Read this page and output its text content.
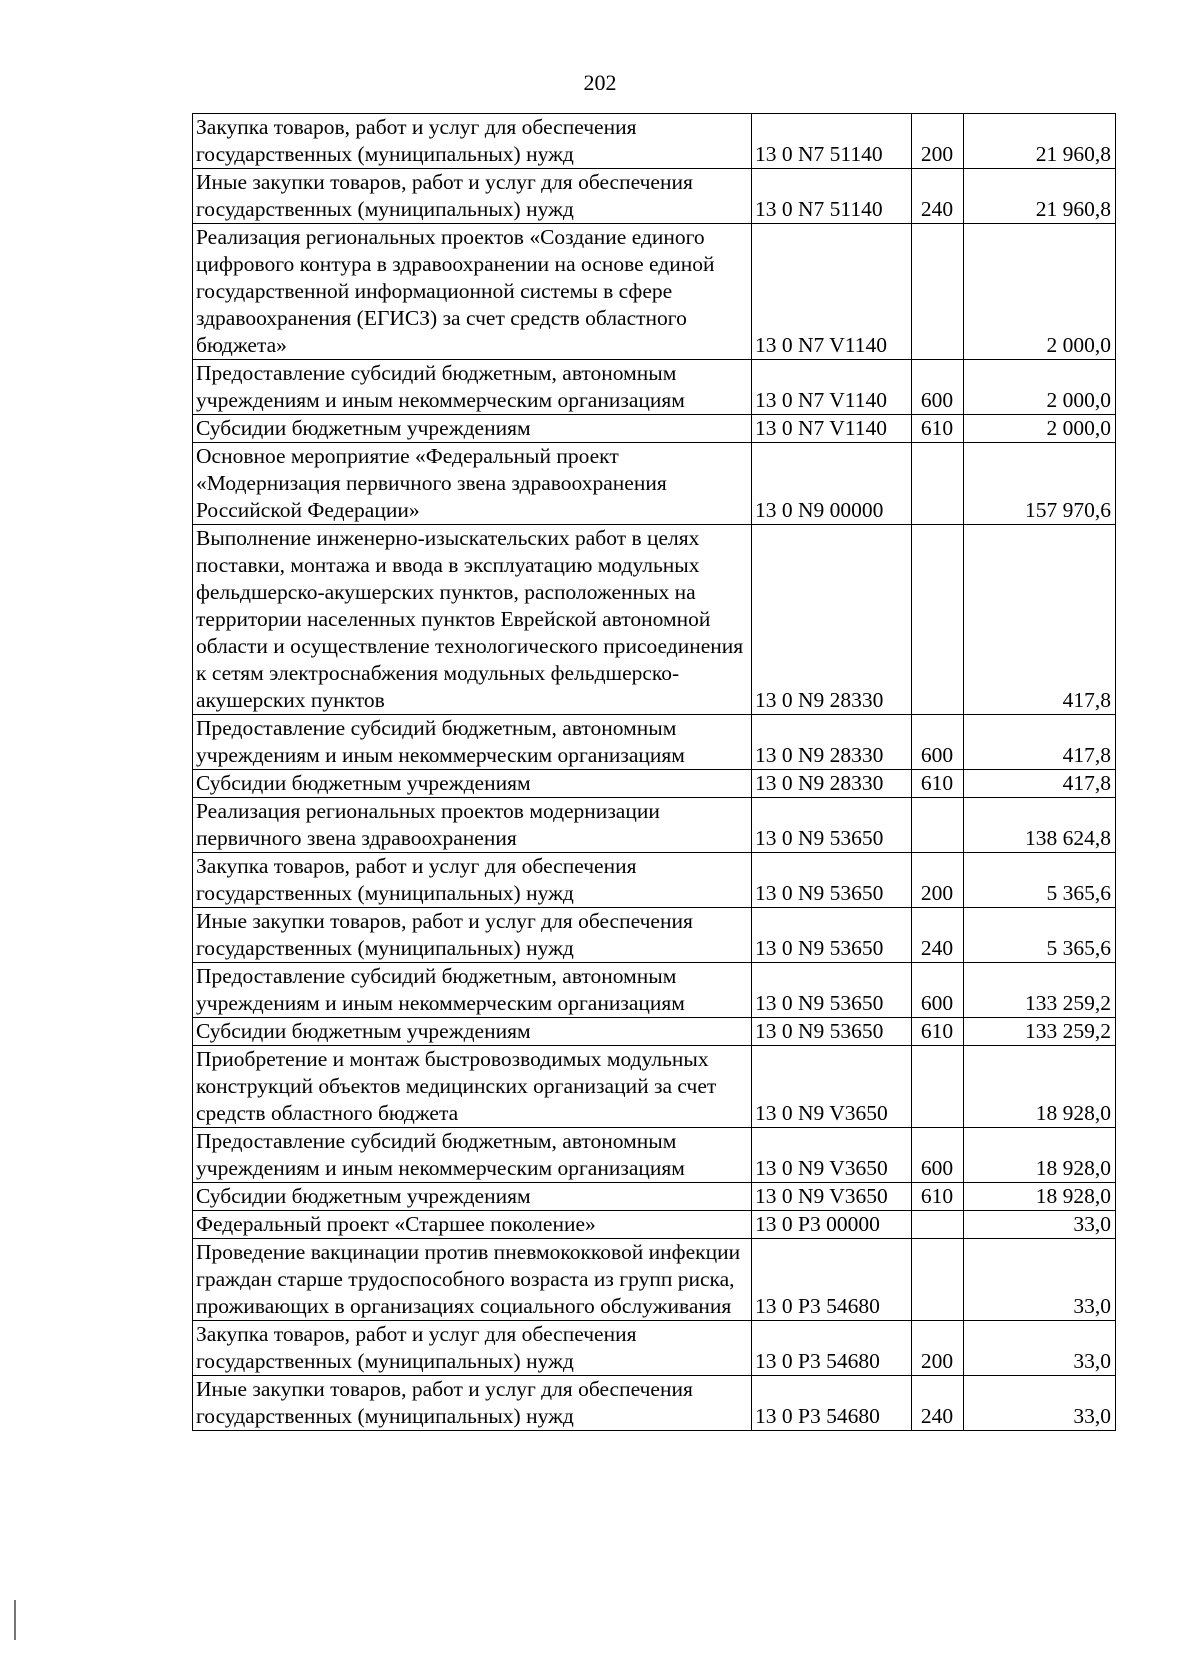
202
Закупка товаров, работ и услуг для обеспечения государственных (муниципальных) нужд	13 0 N7 51140	200	21 960,8
Иные закупки товаров, работ и услуг для обеспечения государственных (муниципальных) нужд	13 0 N7 51140	240	21 960,8
Реализация региональных проектов «Создание единого цифрового контура в здравоохранении на основе единой государственной информационной системы в сфере здравоохранения (ЕГИСЗ) за счет средств областного бюджета»	13 0 N7 V1140		2 000,0
Предоставление субсидий бюджетным, автономным учреждениям и иным некоммерческим организациям	13 0 N7 V1140	600	2 000,0
Субсидии бюджетным учреждениям	13 0 N7 V1140	610	2 000,0
Основное мероприятие «Федеральный проект «Модернизация первичного звена здравоохранения Российской Федерации»	13 0 N9 00000		157 970,6
Выполнение инженерно-изыскательских работ в целях поставки, монтажа и ввода в эксплуатацию модульных фельдшерско-акушерских пунктов, расположенных на территории населенных пунктов Еврейской автономной области и осуществление технологического присоединения к сетям электроснабжения модульных фельдшерско-акушерских пунктов	13 0 N9 28330		417,8
Предоставление субсидий бюджетным, автономным учреждениям и иным некоммерческим организациям	13 0 N9 28330	600	417,8
Субсидии бюджетным учреждениям	13 0 N9 28330	610	417,8
Реализация региональных проектов модернизации первичного звена здравоохранения	13 0 N9 53650		138 624,8
Закупка товаров, работ и услуг для обеспечения государственных (муниципальных) нужд	13 0 N9 53650	200	5 365,6
Иные закупки товаров, работ и услуг для обеспечения государственных (муниципальных) нужд	13 0 N9 53650	240	5 365,6
Предоставление субсидий бюджетным, автономным учреждениям и иным некоммерческим организациям	13 0 N9 53650	600	133 259,2
Субсидии бюджетным учреждениям	13 0 N9 53650	610	133 259,2
Приобретение и монтаж быстровозводимых модульных конструкций объектов медицинских организаций за счет средств областного бюджета	13 0 N9 V3650		18 928,0
Предоставление субсидий бюджетным, автономным учреждениям и иным некоммерческим организациям	13 0 N9 V3650	600	18 928,0
Субсидии бюджетным учреждениям	13 0 N9 V3650	610	18 928,0
Федеральный проект «Старшее поколение»	13 0 P3 00000		33,0
Проведение вакцинации против пневмококковой инфекции граждан старше трудоспособного возраста из групп риска, проживающих в организациях социального обслуживания	13 0 P3 54680		33,0
Закупка товаров, работ и услуг для обеспечения государственных (муниципальных) нужд	13 0 P3 54680	200	33,0
Иные закупки товаров, работ и услуг для обеспечения государственных (муниципальных) нужд	13 0 P3 54680	240	33,0
